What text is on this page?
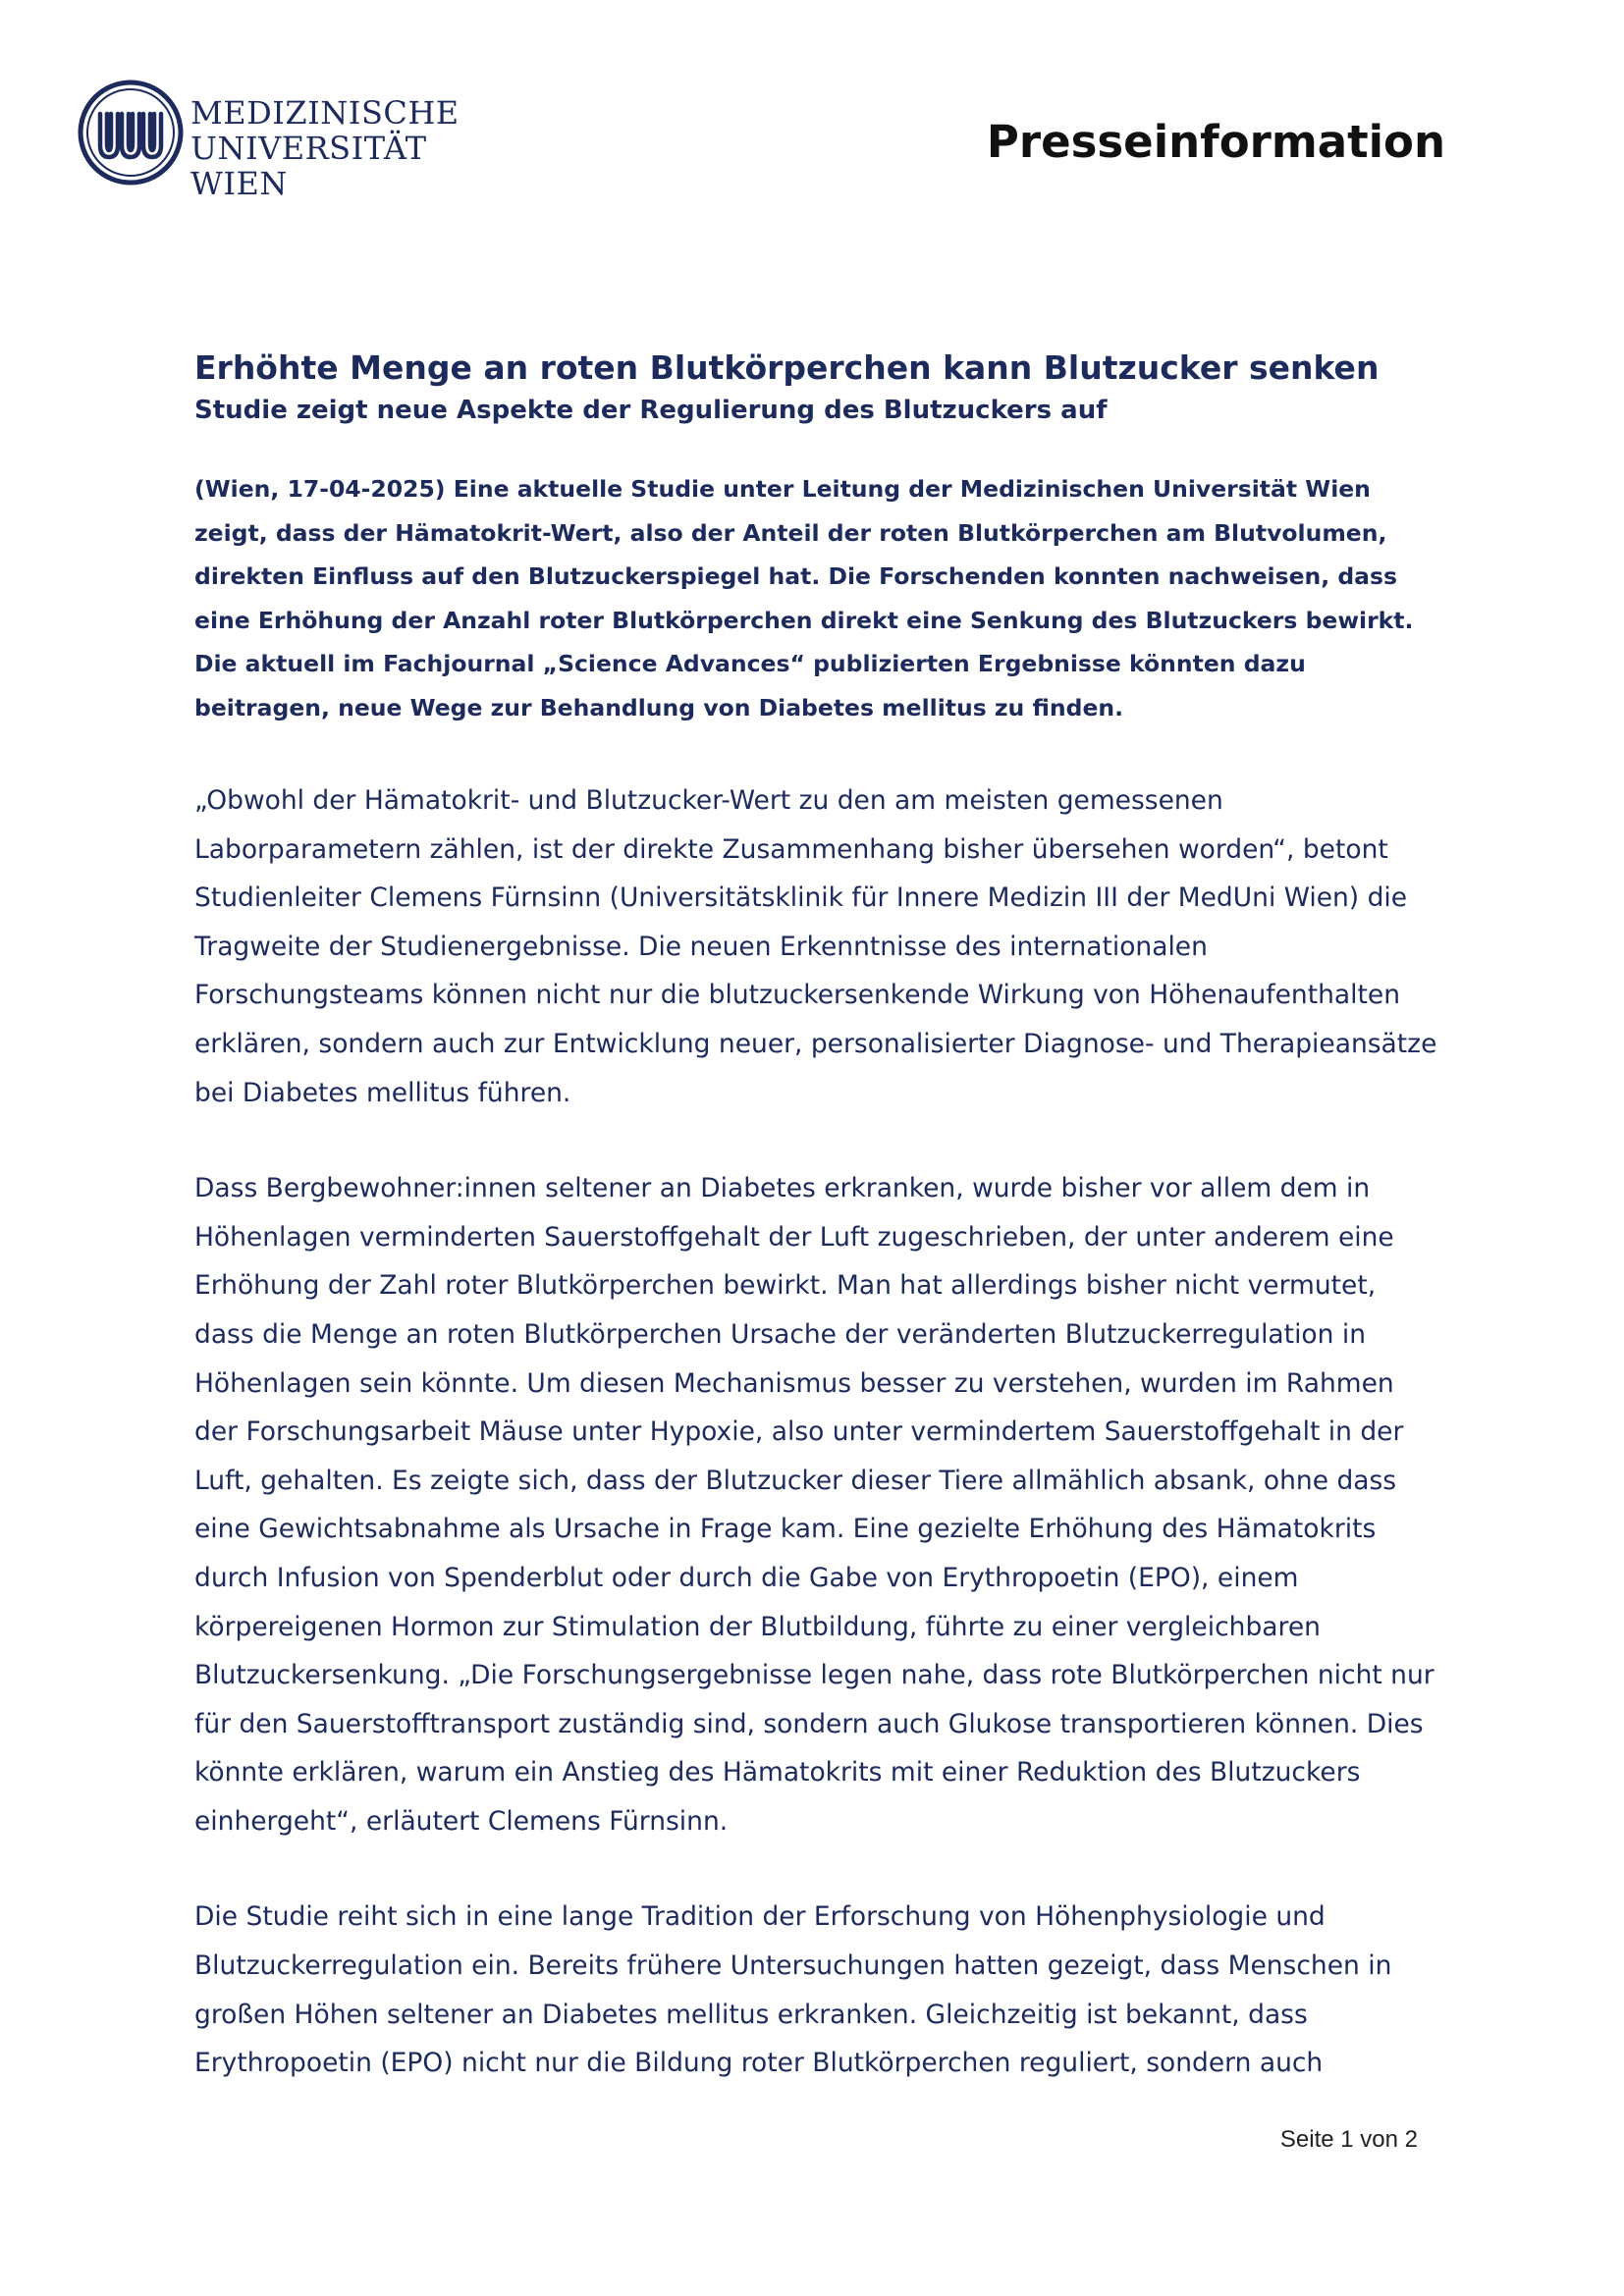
MEDIZINISCHE
UNIVERSITÄT WIEN
Presseinformation
Erhöhte Menge an roten Blutkörperchen kann Blutzucker senken
Studie zeigt neue Aspekte der Regulierung des Blutzuckers auf

(Wien, 17-04-2025) Eine aktuelle Studie unter Leitung der Medizinischen Universität Wien zeigt, dass der Hämatokrit-Wert, also der Anteil der roten Blutkörperchen am Blutvolumen, direkten Einfluss auf den Blutzuckerspiegel hat. Die Forschenden konnten nachweisen, dass eine Erhöhung der Anzahl roter Blutkörperchen direkt eine Senkung des Blutzuckers bewirkt. Die aktuell im Fachjournal „Science Advances“ publizierten Ergebnisse könnten dazu beitragen, neue Wege zur Behandlung von Diabetes mellitus zu finden.

„Obwohl der Hämatokrit- und Blutzucker-Wert zu den am meisten gemessenen Laborparametern zählen, ist der direkte Zusammenhang bisher übersehen worden“, betont Studienleiter Clemens Fürnsinn (Universitätsklinik für Innere Medizin III der MedUni Wien) die Tragweite der Studienergebnisse. Die neuen Erkenntnisse des internationalen Forschungsteams können nicht nur die blutzuckersenkende Wirkung von Höhenaufenthalten erklären, sondern auch zur Entwicklung neuer, personalisierter Diagnose- und Therapieansätze bei Diabetes mellitus führen.

Dass Bergbewohner:innen seltener an Diabetes erkranken, wurde bisher vor allem dem in Höhenlagen verminderten Sauerstoffgehalt der Luft zugeschrieben, der unter anderem eine Erhöhung der Zahl roter Blutkörperchen bewirkt. Man hat allerdings bisher nicht vermutet, dass die Menge an roten Blutkörperchen Ursache der veränderten Blutzuckerregulation in Höhenlagen sein könnte. Um diesen Mechanismus besser zu verstehen, wurden im Rahmen der Forschungsarbeit Mäuse unter Hypoxie, also unter vermindertem Sauerstoffgehalt in der Luft, gehalten. Es zeigte sich, dass der Blutzucker dieser Tiere allmählich absank, ohne dass eine Gewichtsabnahme als Ursache in Frage kam. Eine gezielte Erhöhung des Hämatokrits durch Infusion von Spenderblut oder durch die Gabe von Erythropoetin (EPO), einem körpereigenen Hormon zur Stimulation der Blutbildung, führte zu einer vergleichbaren Blutzuckersenkung. „Die Forschungsergebnisse legen nahe, dass rote Blutkörperchen nicht nur für den Sauerstofftransport zuständig sind, sondern auch Glukose transportieren können. Dies könnte erklären, warum ein Anstieg des Hämatokrits mit einer Reduktion des Blutzuckers einhergeht“, erläutert Clemens Fürnsinn.

Die Studie reiht sich in eine lange Tradition der Erforschung von Höhenphysiologie und Blutzuckerregulation ein. Bereits frühere Untersuchungen hatten gezeigt, dass Menschen in großen Höhen seltener an Diabetes mellitus erkranken. Gleichzeitig ist bekannt, dass Erythropoetin (EPO) nicht nur die Bildung roter Blutkörperchen reguliert, sondern auch

Seite 1 von 2
